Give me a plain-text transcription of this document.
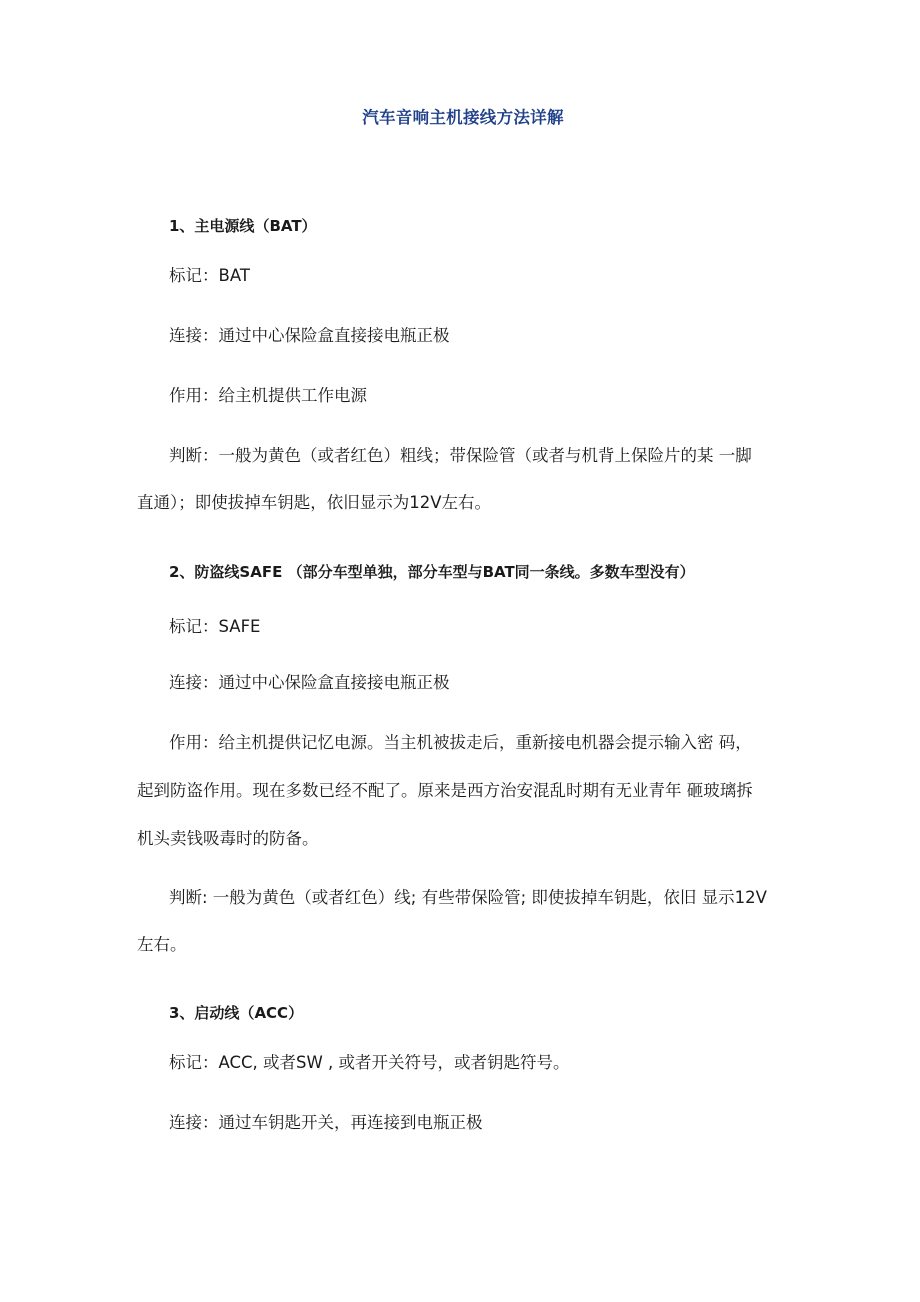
汽车音响主机接线方法详解
1、主电源线（BAT）
标记：BAT
连接：通过中心保险盒直接接电瓶正极
作用：给主机提供工作电源
判断：一般为黄色（或者红色）粗线；带保险管（或者与机背上保险片的某 一脚
直通）；即使拔掉车钥匙，依旧显示为12V左右。
2、防盗线SAFE （部分车型单独，部分车型与BAT同一条线。多数车型没有）
标记：SAFE
连接：通过中心保险盒直接接电瓶正极
作用：给主机提供记忆电源。当主机被拔走后，重新接电机器会提示输入密 码，
起到防盗作用。现在多数已经不配了。原来是西方治安混乱时期有无业青年 砸玻璃拆
机头卖钱吸毒时的防备。
判断: 一般为黄色（或者红色）线; 有些带保险管; 即使拔掉车钥匙，依旧 显示12V
左右。
3、启动线（ACC）
标记：ACC, 或者SW , 或者开关符号，或者钥匙符号。
连接：通过车钥匙开关，再连接到电瓶正极
